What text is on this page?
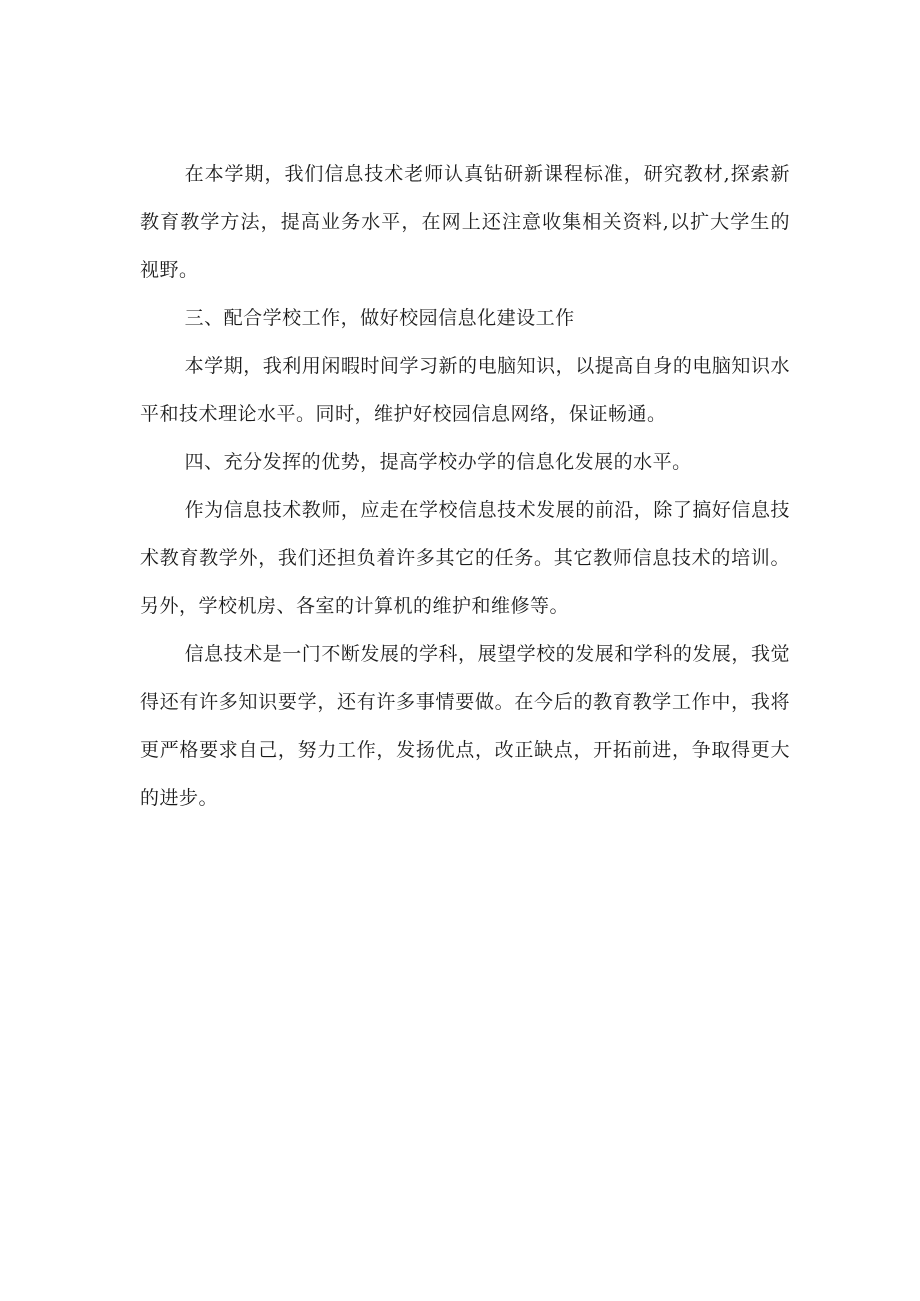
在本学期，我们信息技术老师认真钻研新课程标准，研究教材,探索新教育教学方法，提高业务水平，在网上还注意收集相关资料,以扩大学生的视野。

三、配合学校工作，做好校园信息化建设工作

本学期，我利用闲暇时间学习新的电脑知识，以提高自身的电脑知识水平和技术理论水平。同时，维护好校园信息网络，保证畅通。

四、充分发挥的优势，提高学校办学的信息化发展的水平。

作为信息技术教师，应走在学校信息技术发展的前沿，除了搞好信息技术教育教学外，我们还担负着许多其它的任务。其它教师信息技术的培训。另外，学校机房、各室的计算机的维护和维修等。

信息技术是一门不断发展的学科，展望学校的发展和学科的发展，我觉得还有许多知识要学，还有许多事情要做。在今后的教育教学工作中，我将更严格要求自己，努力工作，发扬优点，改正缺点，开拓前进，争取得更大的进步。
